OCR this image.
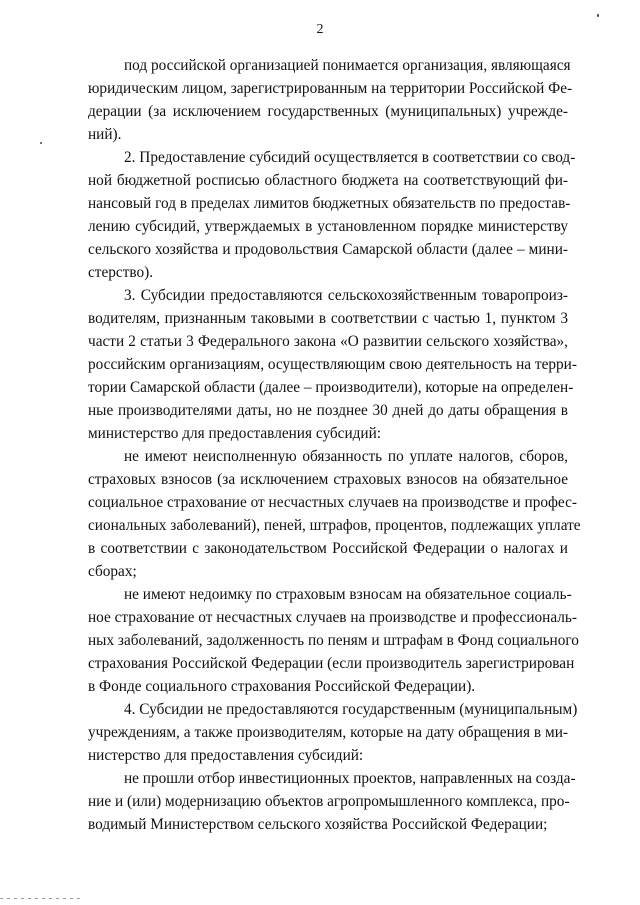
2
под российской организацией понимается организация, являющаяся
юридическим лицом, зарегистрированным на территории Российской Фе-
дерации (за исключением государственных (муниципальных) учрежде-
ний).
2. Предоставление субсидий осуществляется в соответствии со свод-
ной бюджетной росписью областного бюджета на соответствующий фи-
нансовый год в пределах лимитов бюджетных обязательств по предостав-
лению субсидий, утверждаемых в установленном порядке министерству
сельского хозяйства и продовольствия Самарской области (далее – мини-
стерство).
3. Субсидии предоставляются сельскохозяйственным товаропроиз-
водителям, признанным таковыми в соответствии с частью 1, пунктом 3
части 2 статьи 3 Федерального закона «О развитии сельского хозяйства»,
российским организациям, осуществляющим свою деятельность на терри-
тории Самарской области (далее – производители), которые на определен-
ные производителями даты, но не позднее 30 дней до даты обращения в
министерство для предоставления субсидий:
не имеют неисполненную обязанность по уплате налогов, сборов,
страховых взносов (за исключением страховых взносов на обязательное
социальное страхование от несчастных случаев на производстве и профес-
сиональных заболеваний), пеней, штрафов, процентов, подлежащих уплате
в соответствии с законодательством Российской Федерации о налогах и
сборах;
не имеют недоимку по страховым взносам на обязательное социаль-
ное страхование от несчастных случаев на производстве и профессиональ-
ных заболеваний, задолженность по пеням и штрафам в Фонд социального
страхования Российской Федерации (если производитель зарегистрирован
в Фонде социального страхования Российской Федерации).
4. Субсидии не предоставляются государственным (муниципальным)
учреждениям, а также производителям, которые на дату обращения в ми-
нистерство для предоставления субсидий:
не прошли отбор инвестиционных проектов, направленных на созда-
ние и (или) модернизацию объектов агропромышленного комплекса, про-
водимый Министерством сельского хозяйства Российской Федерации;
